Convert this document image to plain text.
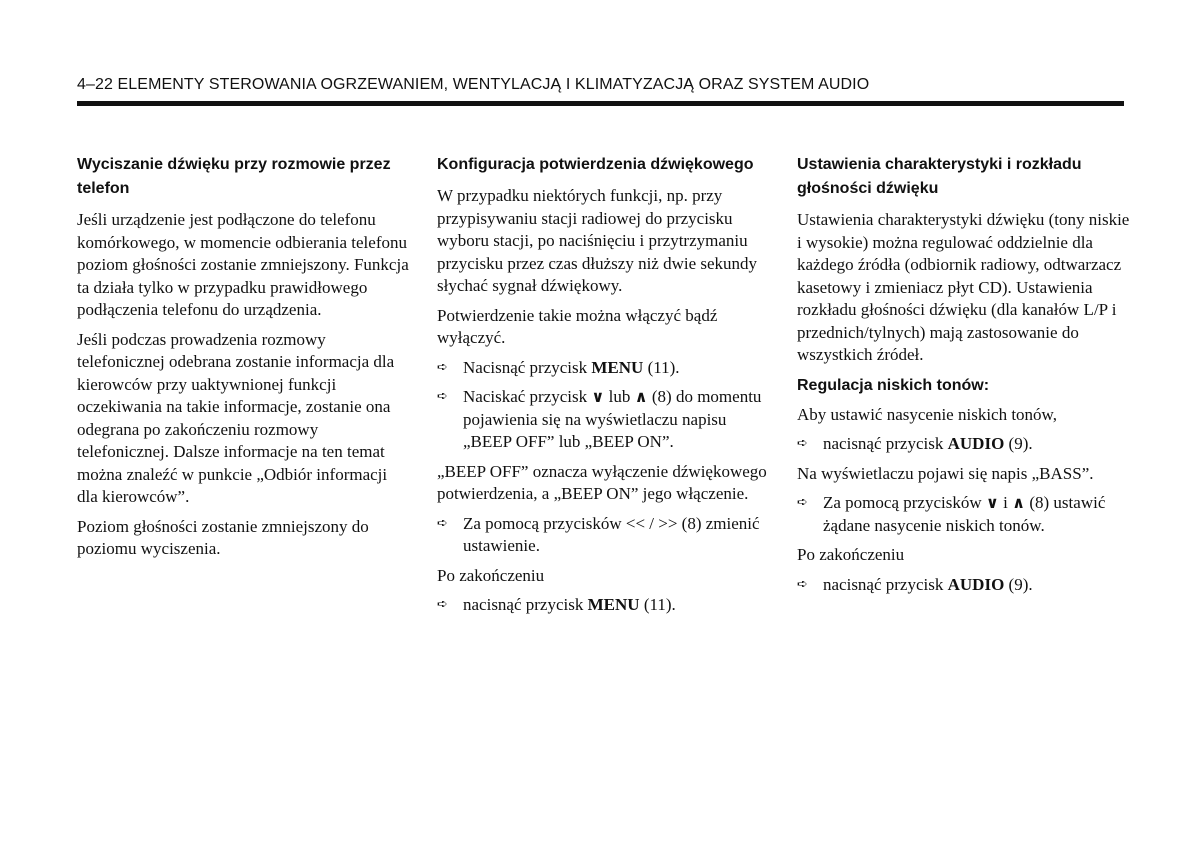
4–22 ELEMENTY STEROWANIA OGRZEWANIEM, WENTYLACJĄ I KLIMATYZACJĄ ORAZ SYSTEM AUDIO
Wyciszanie dźwięku przy rozmowie przez telefon

Jeśli urządzenie jest podłączone do telefonu komórkowego, w momencie odbierania telefonu poziom głośności zostanie zmniejszony. Funkcja ta działa tylko w przypadku prawidłowego podłączenia telefonu do urządzenia.

Jeśli podczas prowadzenia rozmowy telefonicznej odebrana zostanie informacja dla kierowców przy uaktywnionej funkcji oczekiwania na takie informacje, zostanie ona odegrana po zakończeniu rozmowy telefonicznej. Dalsze informacje na ten temat można znaleźć w punkcie „Odbiór informacji dla kierowców”.

Poziom głośności zostanie zmniejszony do poziomu wyciszenia.

Konfiguracja potwierdzenia dźwiękowego

W przypadku niektórych funkcji, np. przy przypisywaniu stacji radiowej do przycisku wyboru stacji, po naciśnięciu i przytrzymaniu przycisku przez czas dłuższy niż dwie sekundy słychać sygnał dźwiękowy.

Potwierdzenie takie można włączyć bądź wyłączyć.

➪ Nacisnąć przycisk MENU (11).
➪ Naciskać przycisk ∨ lub ∧ (8) do momentu pojawienia się na wyświetlaczu napisu „BEEP OFF” lub „BEEP ON”.

„BEEP OFF” oznacza wyłączenie dźwiękowego potwierdzenia, a „BEEP ON” jego włączenie.

➪ Za pomocą przycisków << / >> (8) zmienić ustawienie.

Po zakończeniu

➪ nacisnąć przycisk MENU (11).
Ustawienia charakterystyki i rozkładu głośności dźwięku

Ustawienia charakterystyki dźwięku (tony niskie i wysokie) można regulować oddzielnie dla każdego źródła (odbiornik radiowy, odtwarzacz kasetowy i zmieniacz płyt CD). Ustawienia rozkładu głośności dźwięku (dla kanałów L/P i przednich/tylnych) mają zastosowanie do wszystkich źródeł.

Regulacja niskich tonów:

Aby ustawić nasycenie niskich tonów,

➪ nacisnąć przycisk AUDIO (9).

Na wyświetlaczu pojawi się napis „BASS”.

➪ Za pomocą przycisków ∨ i ∧ (8) ustawić żądane nasycenie niskich tonów.

Po zakończeniu

➪ nacisnąć przycisk AUDIO (9).
